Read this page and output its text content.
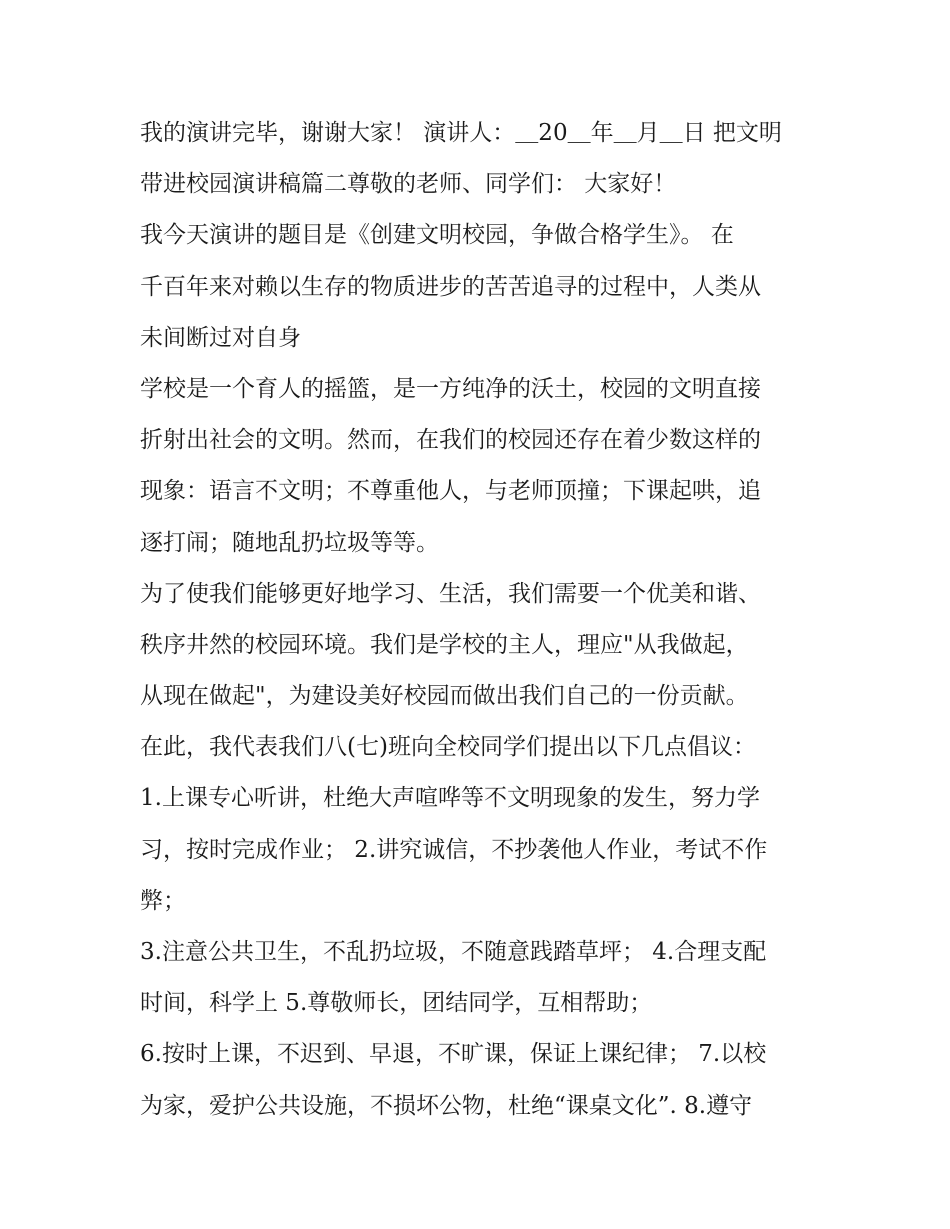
我的演讲完毕，谢谢大家！ 演讲人：＿20＿年＿月＿日 把文明
带进校园演讲稿篇二尊敬的老师、同学们： 大家好！
我今天演讲的题目是《创建文明校园，争做合格学生》。 在
千百年来对赖以生存的物质进步的苦苦追寻的过程中，人类从
未间断过对自身
学校是一个育人的摇篮，是一方纯净的沃土，校园的文明直接
折射出社会的文明。然而，在我们的校园还存在着少数这样的
现象：语言不文明；不尊重他人，与老师顶撞；下课起哄，追
逐打闹；随地乱扔垃圾等等。
为了使我们能够更好地学习、生活，我们需要一个优美和谐、
秩序井然的校园环境。我们是学校的主人，理应"从我做起，
从现在做起"，为建设美好校园而做出我们自己的一份贡献。
在此，我代表我们八(七)班向全校同学们提出以下几点倡议：
1.上课专心听讲，杜绝大声喧哗等不文明现象的发生，努力学
习，按时完成作业； 2.讲究诚信，不抄袭他人作业，考试不作
弊；
3.注意公共卫生，不乱扔垃圾，不随意践踏草坪； 4.合理支配
时间，科学上 5.尊敬师长，团结同学，互相帮助；
6.按时上课，不迟到、早退，不旷课，保证上课纪律； 7.以校
为家，爱护公共设施，不损坏公物，杜绝“课桌文化”. 8.遵守
